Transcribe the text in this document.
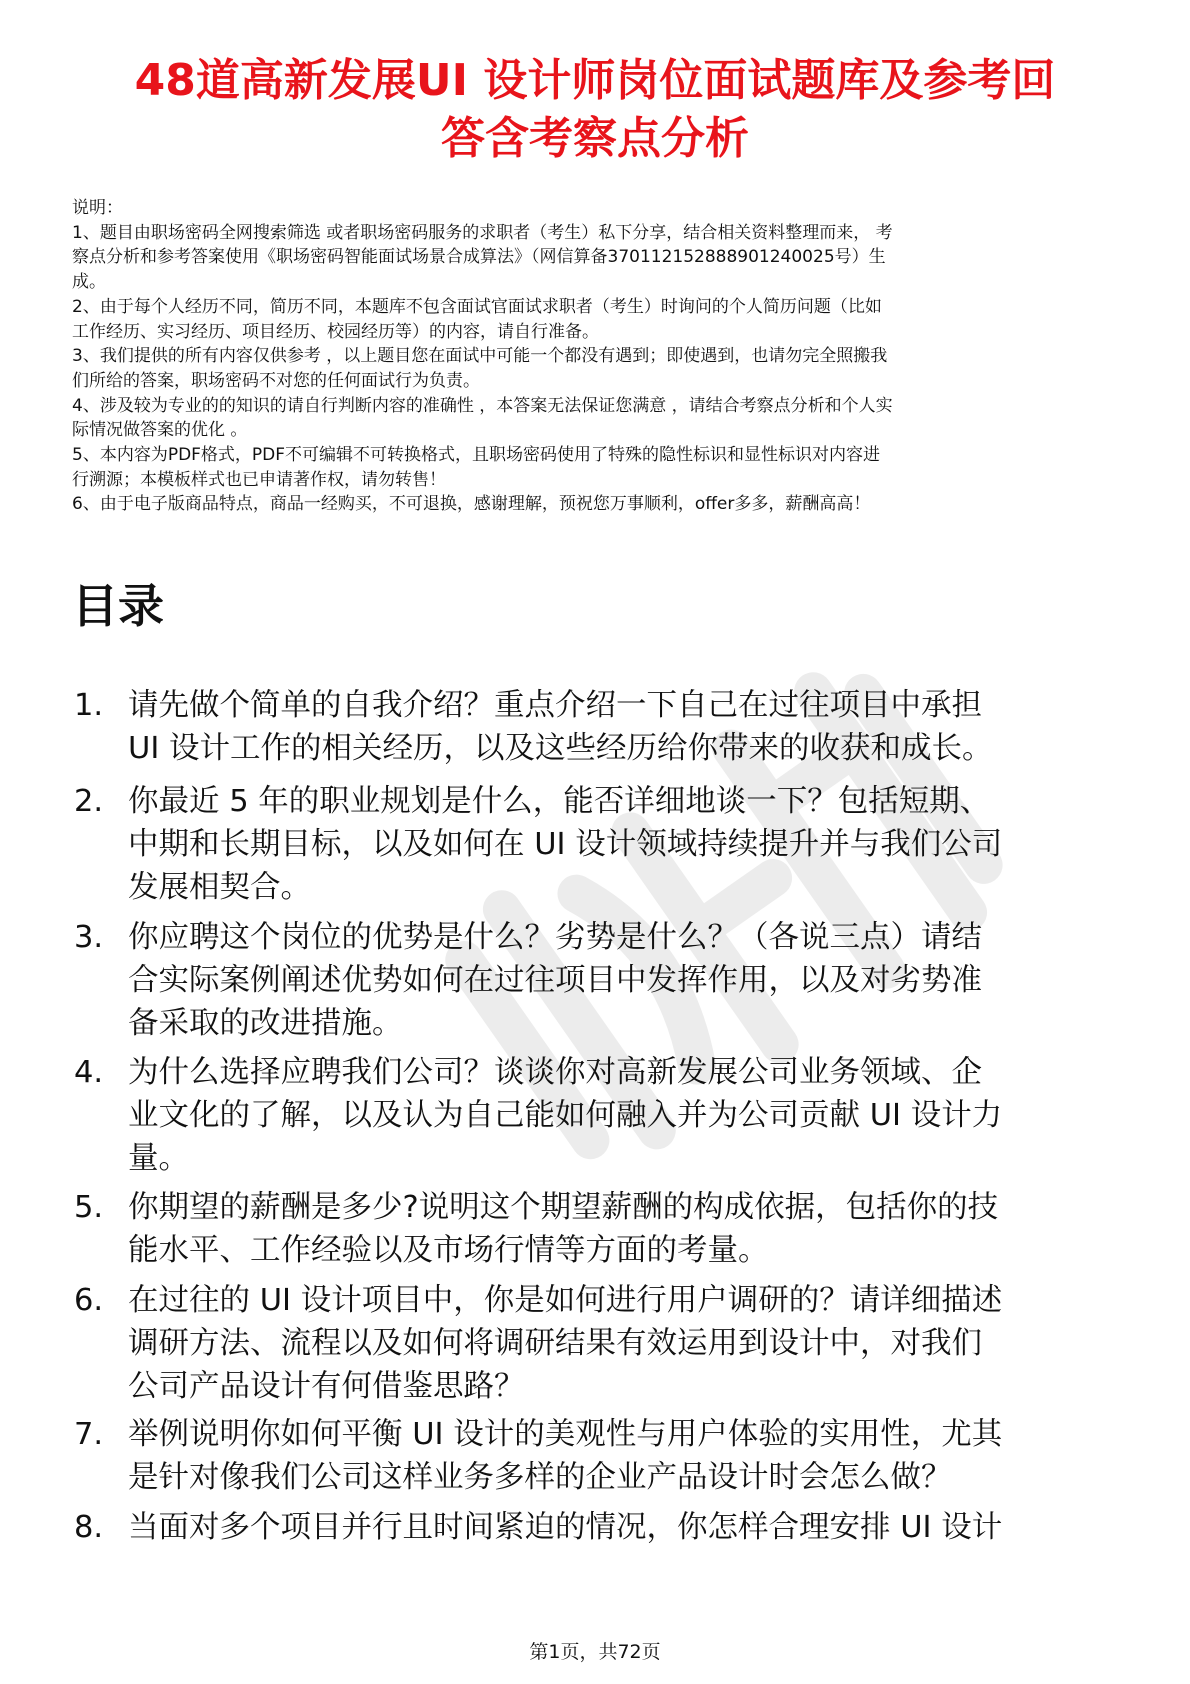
48道高新发展UI 设计师岗位面试题库及参考回
答含考察点分析
说明：
1、题目由职场密码全网搜索筛选 或者职场密码服务的求职者（考生）私下分享，结合相关资料整理而来， 考
察点分析和参考答案使用《职场密码智能面试场景合成算法》（网信算备370112152888901240025号）生
成。
2、由于每个人经历不同，简历不同，本题库不包含面试官面试求职者（考生）时询问的个人简历问题（比如
工作经历、实习经历、项目经历、校园经历等）的内容，请自行准备。
3、我们提供的所有内容仅供参考 ，以上题目您在面试中可能一个都没有遇到；即使遇到，也请勿完全照搬我
们所给的答案，职场密码不对您的任何面试行为负责。
4、涉及较为专业的的知识的请自行判断内容的准确性 ，本答案无法保证您满意 ，请结合考察点分析和个人实
际情况做答案的优化 。
5、本内容为PDF格式，PDF不可编辑不可转换格式，且职场密码使用了特殊的隐性标识和显性标识对内容进
行溯源；本模板样式也已申请著作权，请勿转售！
6、由于电子版商品特点，商品一经购买，不可退换，感谢理解，预祝您万事顺利，offer多多，薪酬高高！
目录
1. 请先做个简单的自我介绍？重点介绍一下自己在过往项目中承担
UI 设计工作的相关经历，以及这些经历给你带来的收获和成长。
2. 你最近 5 年的职业规划是什么，能否详细地谈一下？包括短期、
中期和长期目标，以及如何在 UI 设计领域持续提升并与我们公司
发展相契合。
3. 你应聘这个岗位的优势是什么？劣势是什么？（各说三点）请结
合实际案例阐述优势如何在过往项目中发挥作用，以及对劣势准
备采取的改进措施。
4. 为什么选择应聘我们公司？谈谈你对高新发展公司业务领域、企
业文化的了解，以及认为自己能如何融入并为公司贡献 UI 设计力
量。
5. 你期望的薪酬是多少?说明这个期望薪酬的构成依据，包括你的技
能水平、工作经验以及市场行情等方面的考量。
6. 在过往的 UI 设计项目中，你是如何进行用户调研的？请详细描述
调研方法、流程以及如何将调研结果有效运用到设计中，对我们
公司产品设计有何借鉴思路？
7. 举例说明你如何平衡 UI 设计的美观性与用户体验的实用性，尤其
是针对像我们公司这样业务多样的企业产品设计时会怎么做？
8. 当面对多个项目并行且时间紧迫的情况，你怎样合理安排 UI 设计
第1页，共72页
